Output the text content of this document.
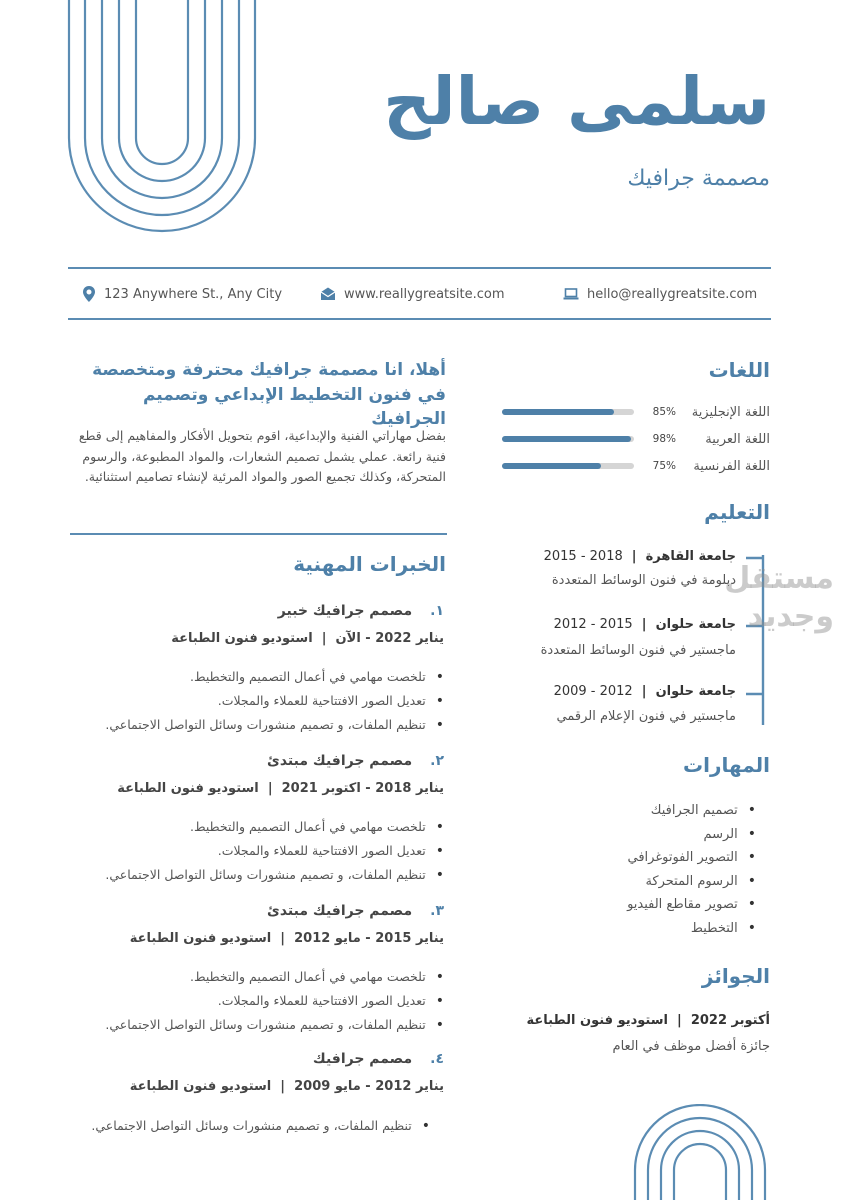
سلمى صالح
مصممة جرافيك
123 Anywhere St., Any City	www.reallygreatsite.com	hello@reallygreatsite.com
أهلا، انا مصممة جرافيك محترفة ومتخصصة في فنون التخطيط الإبداعي وتصميم الجرافيك
بفضل مهاراتي الفنية والإبداعية، اقوم بتحويل الأفكار والمفاهيم إلى قطع فنية رائعة. عملي يشمل تصميم الشعارات، والمواد المطبوعة، والرسوم المتحركة، وكذلك تجميع الصور والمواد المرئية لإنشاء تصاميم استثنائية.
اللغات
اللغة الإنجليزية
85%
اللغة العربية
98%
اللغة الفرنسية
75%
التعليم
جامعة القاهرة  |  2015 - 2018
دبلومة في فنون الوسائط المتعددة
جامعة حلوان  |  2012 - 2015
ماجستير في فنون الوسائط المتعددة
جامعة حلوان  |  2009 - 2012
ماجستير في فنون الإعلام الرقمي
مستقل
وجديد
المهارات
• تصميم الجرافيك
• الرسم
• التصوير الفوتوغرافي
• الرسوم المتحركة
• تصوير مقاطع الفيديو
• التخطيط
الجوائز
أكتوبر 2022  |  استوديو فنون الطباعة
جائزة أفضل موظف في العام
الخبرات المهنية
١.مصمم جرافيك خبير
يناير 2022 - الآن  |  استوديو فنون الطباعة
• تلخصت مهامي في أعمال التصميم والتخطيط.
• تعديل الصور الافتتاحية للعملاء والمجلات.
• تنظيم الملفات، و تصميم منشورات وسائل التواصل الاجتماعي.
٢.مصمم جرافيك مبتدئ
يناير 2018 - اكتوبر 2021  |  استوديو فنون الطباعة
• تلخصت مهامي في أعمال التصميم والتخطيط.
• تعديل الصور الافتتاحية للعملاء والمجلات.
• تنظيم الملفات، و تصميم منشورات وسائل التواصل الاجتماعي.
٣.مصمم جرافيك مبتدئ
يناير 2015 - مايو 2012  |  استوديو فنون الطباعة
• تلخصت مهامي في أعمال التصميم والتخطيط.
• تعديل الصور الافتتاحية للعملاء والمجلات.
• تنظيم الملفات، و تصميم منشورات وسائل التواصل الاجتماعي.
٤.مصمم جرافيك
يناير 2012 - مايو 2009  |  استوديو فنون الطباعة
• تنظيم الملفات، و تصميم منشورات وسائل التواصل الاجتماعي.
